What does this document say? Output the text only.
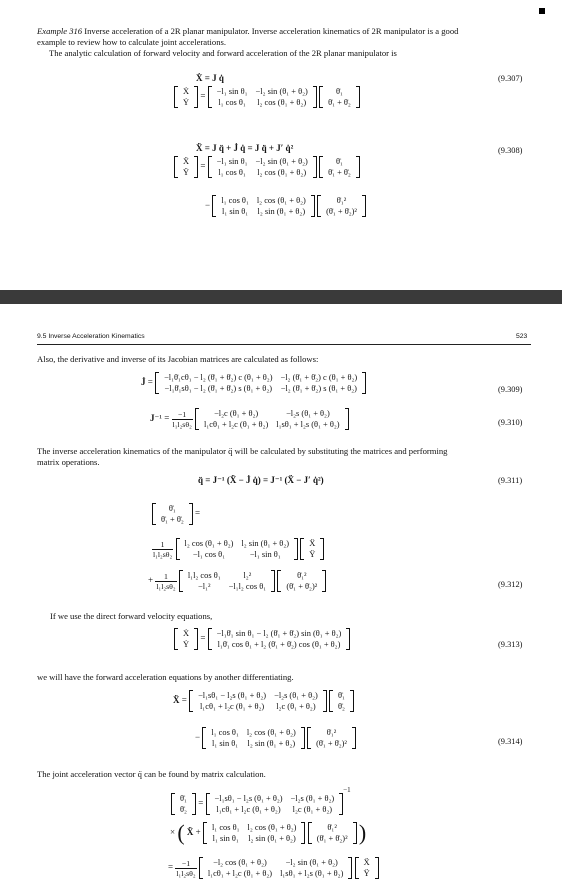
Example 316 Inverse acceleration of a 2R planar manipulator. Inverse acceleration kinematics of 2R manipulator is a good
example to review how to calculate joint accelerations.
The analytic calculation of forward velocity and forward acceleration of the 2R planar manipulator is
Ẋ = J q̇	(9.307)
Ẋ
Ẏ
= −l₁ sin θ₁	−l₂ sin (θ₁ + θ₂)
l₁ cos θ₁	l₂ cos (θ₁ + θ₂)

θ̇₁
θ̇₁ + θ̇₂
Ẍ = J q̈ + J̇ q̇ = J q̈ + J′ q̇²	(9.308)
Ẍ
Ÿ
= −l₁ sin θ₁	−l₂ sin (θ₁ + θ₂)
l₁ cos θ₁	l₂ cos (θ₁ + θ₂)

θ̈₁
θ̈₁ + θ̈₂
− l₁ cos θ₁	l₂ cos (θ₁ + θ₂)
l₁ sin θ₁	l₂ sin (θ₁ + θ₂)

θ̇₁²
(θ̇₁ + θ̇₂)²
9.5 Inverse Acceleration Kinematics	523
Also, the derivative and inverse of its Jacobian matrices are calculated as follows:
J̇ = −l₁θ̇₁cθ₁ − l₂ (θ̇₁ + θ̇₂) c (θ₁ + θ₂)	−l₂ (θ̇₁ + θ̇₂) c (θ₁ + θ₂)
−l₁θ̇₁sθ₁ − l₂ (θ̇₁ + θ̇₂) s (θ₁ + θ₂)	−l₂ (θ̇₁ + θ̇₂) s (θ₁ + θ₂)	(9.309)
$J^{-1} = \frac{-1}{\text{l₁l₂sθ₂}}$
	−l₂c (θ₁ + θ₂)	−l₂s (θ₁ + θ₂)
l₁cθ₁ + l₂c (θ₁ + θ₂)	l₁sθ₁ + l₂s (θ₁ + θ₂)	(9.310)
The inverse acceleration kinematics of the manipulator q̈ will be calculated by substituting the matrices and performing
matrix operations.
q̈ = J⁻¹ (Ẍ − J̇ q̇) = J⁻¹ (Ẍ − J′ q̇²)	(9.311)
θ̈₁
θ̈₁ + θ̈₂
=
$\frac{1}{\text{l₁l₂sθ₂}}$
l₂ cos (θ₁ + θ₂)	l₂ sin (θ₁ + θ₂)
−l₁ cos θ₁	−l₁ sin θ₁

Ẍ
Ÿ
+ $\frac{1}{\text{l₁l₂sθ₂}}$
l₁l₂ cos θ₁	l₂²
−l₁²	−l₁l₂ cos θ₁

θ̇₁²
(θ̇₁ + θ̇₂)²	(9.312)
If we use the direct forward velocity equations,
Ẋ
Ẏ
= −l₁θ̇₁ sin θ₁ − l₂ (θ̇₁ + θ̇₂) sin (θ₁ + θ₂)
l₁θ̇₁ cos θ₁ + l₂ (θ̇₁ + θ̇₂) cos (θ₁ + θ₂)	(9.313)
we will have the forward acceleration equations by another differentiating.
Ẍ = −l₁sθ₁ − l₂s (θ₁ + θ₂)	−l₂s (θ₁ + θ₂)
l₁cθ₁ + l₂c (θ₁ + θ₂)	l₂c (θ₁ + θ₂)

θ̈₁
θ̈₂
− l₁ cos θ₁	l₂ cos (θ₁ + θ₂)
l₁ sin θ₁	l₂ sin (θ₁ + θ₂)

θ̇₁²
(θ̇₁ + θ̇₂)²	(9.314)
The joint acceleration vector q̈ can be found by matrix calculation.
θ̈₁
θ̈₂
= −l₁sθ₁ − l₂s (θ₁ + θ₂)	−l₂s (θ₁ + θ₂)
l₁cθ₁ + l₂c (θ₁ + θ₂)	l₂c (θ₁ + θ₂)
$^{-1}$
× ( Ẍ + l₁ cos θ₁	l₂ cos (θ₁ + θ₂)
l₁ sin θ₁	l₂ sin (θ₁ + θ₂)

θ̇₁²
(θ̇₁ + θ̇₂)² )
= $\frac{-1}{\text{l₁l₂sθ₂}}$
−l₂ cos (θ₁ + θ₂)	−l₂ sin (θ₁ + θ₂)
l₁cθ₁ + l₂c (θ₁ + θ₂)	l₁sθ₁ + l₂s (θ₁ + θ₂)

Ẍ
Ÿ
